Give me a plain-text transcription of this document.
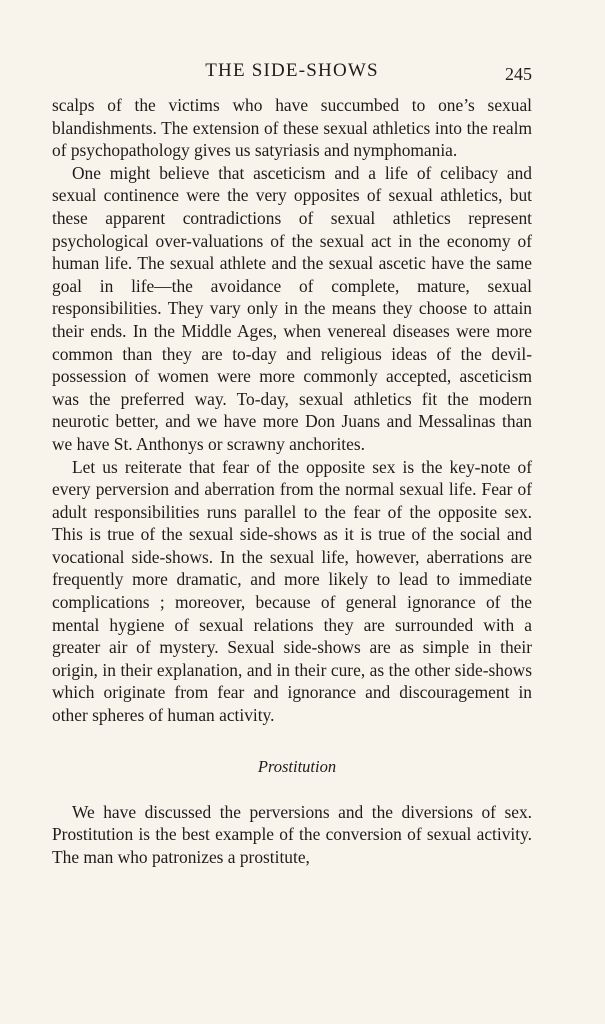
THE SIDE-SHOWS	245

scalps of the victims who have succumbed to one’s sexual blandishments. The extension of these sexual athletics into the realm of psychopathology gives us satyriasis and nymphomania.

One might believe that asceticism and a life of celibacy and sexual continence were the very opposites of sexual athletics, but these apparent contradictions of sexual athletics represent psychological over-valuations of the sexual act in the economy of human life. The sexual athlete and the sexual ascetic have the same goal in life—the avoidance of complete, mature, sexual responsibilities. They vary only in the means they choose to attain their ends. In the Middle Ages, when venereal diseases were more common than they are to-day and religious ideas of the devil-possession of women were more commonly accepted, asceticism was the preferred way. To-day, sexual athletics fit the modern neurotic better, and we have more Don Juans and Messalinas than we have St. Anthonys or scrawny anchorites.

Let us reiterate that fear of the opposite sex is the key-note of every perversion and aberration from the normal sexual life. Fear of adult responsibilities runs parallel to the fear of the opposite sex. This is true of the sexual side-shows as it is true of the social and vocational side-shows. In the sexual life, however, aberrations are frequently more dramatic, and more likely to lead to immediate complications ; moreover, because of general ignorance of the mental hygiene of sexual relations they are surrounded with a greater air of mystery. Sexual side-shows are as simple in their origin, in their explanation, and in their cure, as the other side-shows which originate from fear and ignorance and discouragement in other spheres of human activity.

Prostitution

We have discussed the perversions and the diversions of sex. Prostitution is the best example of the conversion of sexual activity. The man who patronizes a prostitute,
